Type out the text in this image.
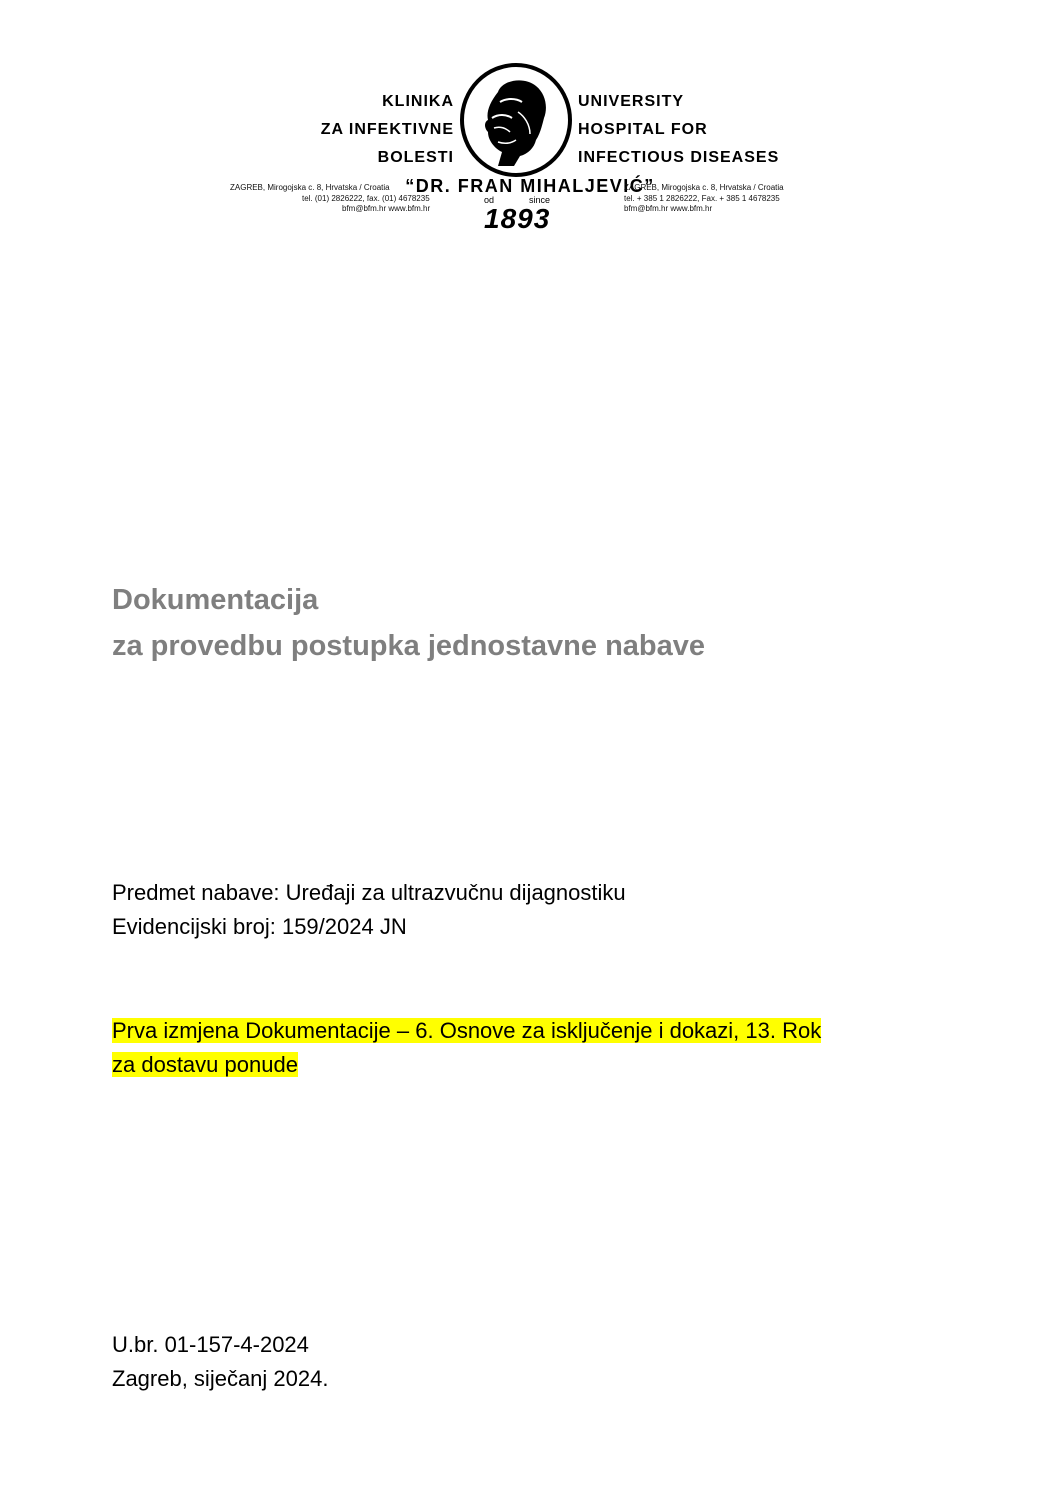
KLINIKA
ZA INFEKTIVNE
BOLESTI
UNIVERSITY
HOSPITAL FOR
INFECTIOUS DISEASES
“DR. FRAN MIHALJEVIĆ”
ZAGREB, Mirogojska c. 8, Hrvatska / Croatia
tel. (01) 2826222, fax. (01) 4678235
bfm@bfm.hr www.bfm.hr
od	since
1893
ZAGREB, Mirogojska c. 8, Hrvatska / Croatia
tel. + 385 1 2826222, Fax. + 385 1 4678235
bfm@bfm.hr www.bfm.hr
Dokumentacija
za provedbu postupka jednostavne nabave
Predmet nabave: Uređaji za ultrazvučnu dijagnostiku
Evidencijski broj: 159/2024 JN
Prva izmjena Dokumentacije – 6. Osnove za isključenje i dokazi, 13. Rok
za dostavu ponude
U.br. 01-157-4-2024
Zagreb, siječanj 2024.
